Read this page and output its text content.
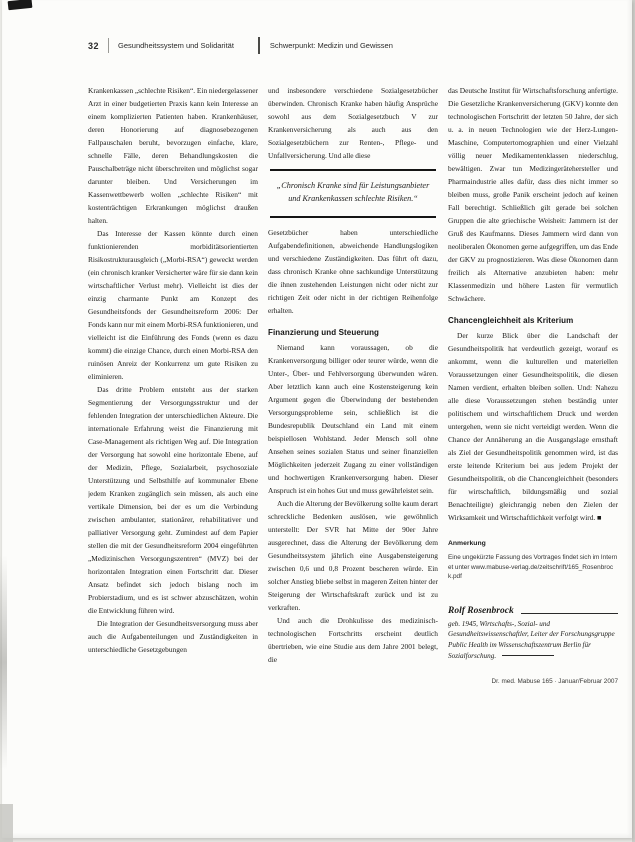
32	Gesundheitssystem und Solidarität	Schwerpunkt: Medizin und Gewissen

Krankenkassen „schlechte Risiken“. Ein niedergelassener Arzt in einer budgetierten Praxis kann kein Interesse an einem komplizierten Patienten haben. Krankenhäuser, deren Honorierung auf diagnosebezogenen Fallpauschalen beruht, bevorzugen einfache, klare, schnelle Fälle, deren Behandlungskosten die Pauschalbeträge nicht überschreiten und möglichst sogar darunter bleiben. Und Versicherungen im Kassenwettbewerb wollen „schlechte Risiken“ mit kostenträchtigen Erkrankungen möglichst draußen halten.

Das Interesse der Kassen könnte durch einen funktionierenden morbiditätsorientierten Risikostrukturausgleich („Morbi-RSA“) geweckt werden (ein chronisch kranker Versicherter wäre für sie dann kein wirtschaftlicher Verlust mehr). Vielleicht ist dies der einzig charmante Punkt am Konzept des Gesundheitsfonds der Gesundheitsreform 2006: Der Fonds kann nur mit einem Morbi-RSA funktionieren, und vielleicht ist die Einführung des Fonds (wenn es dazu kommt) die einzige Chance, durch einen Morbi-RSA den ruinösen Anreiz der Konkurrenz um gute Risiken zu eliminieren.

Das dritte Problem entsteht aus der starken Segmentierung der Versorgungsstruktur und der fehlenden Integration der unterschiedlichen Akteure. Die internationale Erfahrung weist die Finanzierung mit Case-Management als richtigen Weg auf. Die Integration der Versorgung hat sowohl eine horizontale Ebene, auf der Medizin, Pflege, Sozialarbeit, psychosoziale Unterstützung und Selbsthilfe auf kommunaler Ebene jedem Kranken zugänglich sein müssen, als auch eine vertikale Dimension, bei der es um die Verbindung zwischen ambulanter, stationärer, rehabilitativer und palliativer Versorgung geht. Zumindest auf dem Papier stellen die mit der Gesundheitsreform 2004 eingeführten „Medizinischen Versorgungszentren“ (MVZ) bei der horizontalen Integration einen Fortschritt dar. Dieser Ansatz befindet sich jedoch bislang noch im Probierstadium, und es ist schwer abzuschätzen, wohin die Entwicklung führen wird.

Die Integration der Gesundheitsversorgung muss aber auch die Aufgabenteilungen und Zuständigkeiten in unterschiedliche Gesetzgebungen

und insbesondere verschiedene Sozialgesetzbücher überwinden. Chronisch Kranke haben häufig Ansprüche sowohl aus dem Sozialgesetzbuch V zur Krankenversicherung als auch aus den Sozialgesetzbüchern zur Renten-, Pflege- und Unfallversicherung. Und alle diese

„Chronisch Kranke sind für Leistungsanbieter und Krankenkassen schlechte Risiken.“

Gesetzbücher haben unterschiedliche Aufgabendefinitionen, abweichende Handlungslogiken und verschiedene Zuständigkeiten. Das führt oft dazu, dass chronisch Kranke ohne sachkundige Unterstützung die ihnen zustehenden Leistungen nicht oder nicht zur richtigen Zeit oder nicht in der richtigen Reihenfolge erhalten.

Finanzierung und Steuerung

Niemand kann voraussagen, ob die Krankenversorgung billiger oder teurer würde, wenn die Unter-, Über- und Fehlversorgung überwunden wären. Aber letztlich kann auch eine Kostensteigerung kein Argument gegen die Überwindung der bestehenden Versorgungsprobleme sein, schließlich ist die Bundesrepublik Deutschland ein Land mit einem beispiellosen Wohlstand. Jeder Mensch soll ohne Ansehen seines sozialen Status und seiner finanziellen Möglichkeiten jederzeit Zugang zu einer vollständigen und hochwertigen Krankenversorgung haben. Dieser Anspruch ist ein hohes Gut und muss gewährleistet sein.

Auch die Alterung der Bevölkerung sollte kaum derart schreckliche Bedenken auslösen, wie gewöhnlich unterstellt: Der SVR hat Mitte der 90er Jahre ausgerechnet, dass die Alterung der Bevölkerung dem Gesundheitssystem jährlich eine Ausgabensteigerung zwischen 0,6 und 0,8 Prozent bescheren würde. Ein solcher Anstieg bliebe selbst in mageren Zeiten hinter der Steigerung der Wirtschaftskraft zurück und ist zu verkraften.

Und auch die Drohkulisse des medizinisch-technologischen Fortschritts erscheint deutlich übertrieben, wie eine Studie aus dem Jahre 2001 belegt, die

das Deutsche Institut für Wirtschaftsforschung anfertigte. Die Gesetzliche Krankenversicherung (GKV) konnte den technologischen Fortschritt der letzten 50 Jahre, der sich u. a. in neuen Technologien wie der Herz-Lungen-Maschine, Computertomographien und einer Vielzahl völlig neuer Medikamentenklassen niederschlug, bewältigen. Zwar tun Medizingerätehersteller und Pharmaindustrie alles dafür, dass dies nicht immer so bleiben muss, große Panik erscheint jedoch auf keinen Fall berechtigt. Schließlich gilt gerade bei solchen Gruppen die alte griechische Weisheit: Jammern ist der Gruß des Kaufmanns. Dieses Jammern wird dann von neoliberalen Ökonomen gerne aufgegriffen, um das Ende der GKV zu prognostizieren. Was diese Ökonomen dann freilich als Alternative anzubieten haben: mehr Klassenmedizin und höhere Lasten für vermutlich Schwächere.

Chancengleichheit als Kriterium

Der kurze Blick über die Landschaft der Gesundheitspolitik hat verdeutlich gezeigt, worauf es ankommt, wenn die kulturellen und materiellen Voraussetzungen einer Gesundheitspolitik, die diesen Namen verdient, erhalten bleiben sollen. Und: Nahezu alle diese Voraussetzungen stehen beständig unter politischem und wirtschaftlichem Druck und werden untergehen, wenn sie nicht verteidigt werden. Wenn die Chance der Annäherung an die Ausgangslage ernsthaft als Ziel der Gesundheitspolitik genommen wird, ist das erste leitende Kriterium bei aus jedem Projekt der Gesundheitspolitik, ob die Chancengleichheit (besonders für wirtschaftlich, bildungsmäßig und sozial Benachteiligte) gleichrangig neben den Zielen der Wirksamkeit und Wirtschaftlichkeit verfolgt wird. ■

Anmerkung

Eine ungekürzte Fassung des Vortrages findet sich im Internet unter www.mabuse-verlag.de/zeitschrift/165_Rosenbrock.pdf

Rolf Rosenbrock

geb. 1945, Wirtschafts-, Sozial- und Gesundheitswissenschaftler, Leiter der Forschungsgruppe Public Health im Wissenschaftszentrum Berlin für Sozialforschung.

Dr. med. Mabuse 165 · Januar/Februar 2007
